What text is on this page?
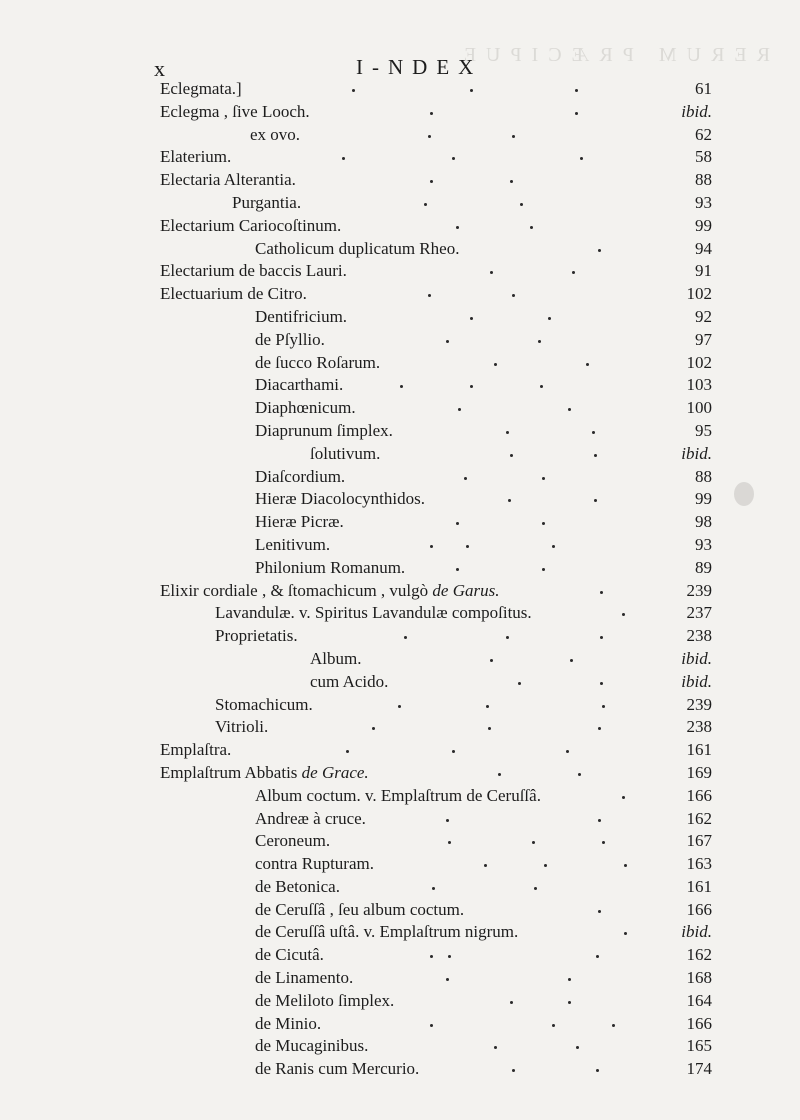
RERUM PRÆCIPUE
x	I-NDEX
Eclegmata.]	61
Eclegma , ſive Looch.	ibid.
ex ovo.	62
Elaterium.	58
Electaria Alterantia.	88
Purgantia.	93
Electarium Cariocoſtinum.	99
Catholicum duplicatum Rheo.	94
Electarium de baccis Lauri.	91
Electuarium de Citro.	102
Dentifricium.	92
de Pſyllio.	97
de ſucco Roſarum.	102
Diacarthami.	103
Diaphœnicum.	100
Diaprunum ſimplex.	95
ſolutivum.	ibid.
Diaſcordium.	88
Hieræ Diacolocynthidos.	99
Hieræ Picræ.	98
Lenitivum.	93
Philonium Romanum.	89
Elixir cordiale , & ſtomachicum , vulgò de Garus.	239
Lavandulæ. v. Spiritus Lavandulæ compoſitus.	237
Proprietatis.	238
Album.	ibid.
cum Acido.	ibid.
Stomachicum.	239
Vitrioli.	238
Emplaſtra.	161
Emplaſtrum Abbatis de Grace.	169
Album coctum. v. Emplaſtrum de Ceruſſâ.	166
Andreæ à cruce.	162
Ceroneum.	167
contra Rupturam.	163
de Betonica.	161
de Ceruſſâ , ſeu album coctum.	166
de Ceruſſâ uſtâ. v. Emplaſtrum nigrum.	ibid.
de Cicutâ.	162
de Linamento.	168
de Meliloto ſimplex.	164
de Minio.	166
de Mucaginibus.	165
de Ranis cum Mercurio.	174
